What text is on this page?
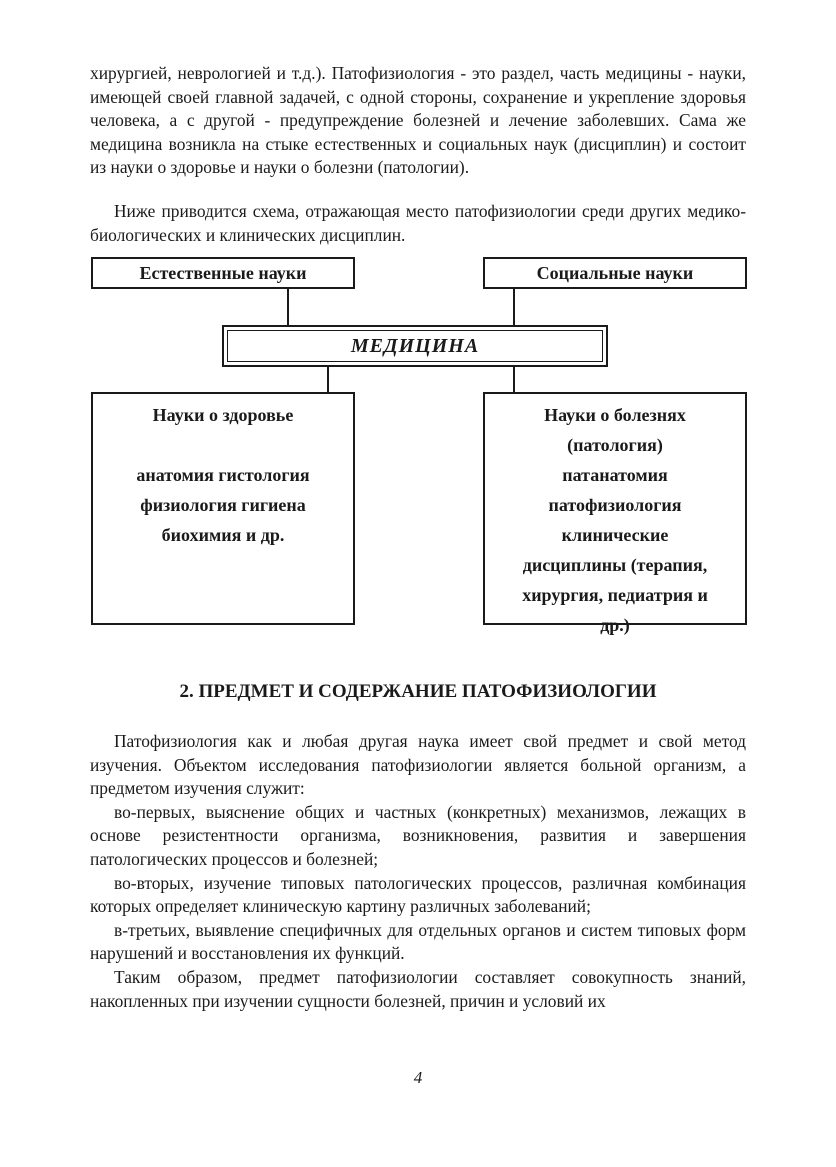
хирургией, неврологией и т.д.). Патофизиология - это раздел, часть медицины - науки, имеющей своей главной задачей, с одной стороны, сохранение и укрепление здоровья человека, а с другой - предупреждение болезней и лечение заболевших. Сама же медицина возникла на стыке естественных и социальных наук (дисциплин) и состоит из науки о здоровье и науки о болезни (патологии).

Ниже приводится схема, отражающая место патофизиологии среди других медико-биологических и клинических дисциплин.

Естественные науки	Социальные науки
МЕДИЦИНА
Науки о здоровье
анатомия гистология
физиология гигиена
биохимия и др.
Науки о болезнях
(патология)
патанатомия
патофизиология
клинические
дисциплины (терапия,
хирургия, педиатрия и
др.)
2. ПРЕДМЕТ И СОДЕРЖАНИЕ ПАТОФИЗИОЛОГИИ

Патофизиология как и любая другая наука имеет свой предмет и свой метод изучения. Объектом исследования патофизиологии является больной организм, а предметом изучения служит:

во-первых, выяснение общих и частных (конкретных) механизмов, лежащих в основе резистентности организма, возникновения, развития и завершения патологических процессов и болезней;

во-вторых, изучение типовых патологических процессов, различная комбинация которых определяет клиническую картину различных заболеваний;

в-третьих, выявление специфичных для отдельных органов и систем типовых форм нарушений и восстановления их функций.

Таким образом, предмет патофизиологии составляет совокупность знаний, накопленных при изучении сущности болезней, причин и условий их

4
